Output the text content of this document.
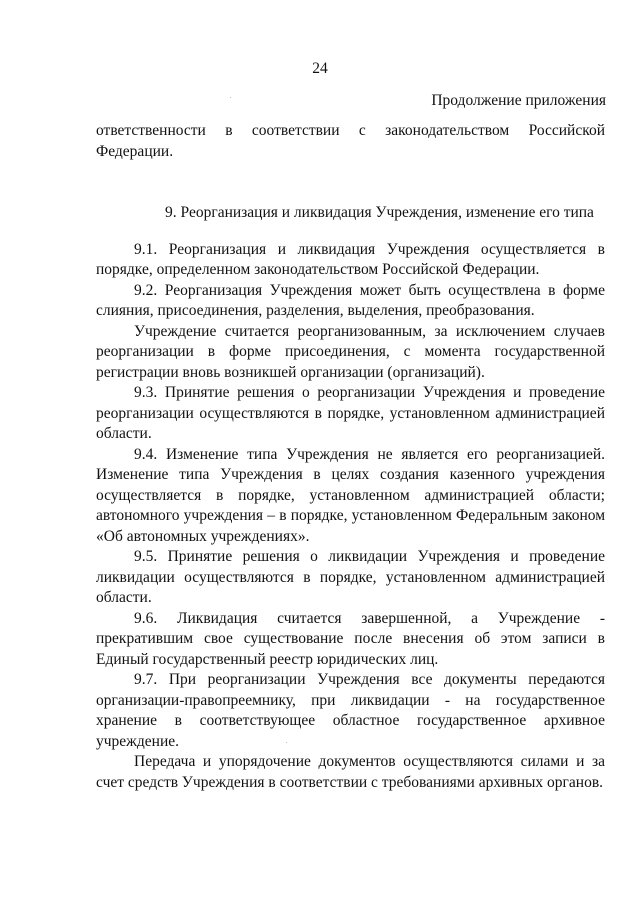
24
Продолжение приложения

ответственности в соответствии с законодательством Российской Федерации.

9. Реорганизация и ликвидация Учреждения, изменение его типа

9.1. Реорганизация и ликвидация Учреждения осуществляется в порядке, определенном законодательством Российской Федерации.

9.2. Реорганизация Учреждения может быть осуществлена в форме слияния, присоединения, разделения, выделения, преобразования.

Учреждение считается реорганизованным, за исключением случаев реорганизации в форме присоединения, с момента государственной регистрации вновь возникшей организации (организаций).

9.3. Принятие решения о реорганизации Учреждения и проведение реорганизации осуществляются в порядке, установленном администрацией области.

9.4. Изменение типа Учреждения не является его реорганизацией. Изменение типа Учреждения в целях создания казенного учреждения осуществляется в порядке, установленном администрацией области; автономного учреждения – в порядке, установленном Федеральным законом «Об автономных учреждениях».

9.5. Принятие решения о ликвидации Учреждения и проведение ликвидации осуществляются в порядке, установленном администрацией области.

9.6. Ликвидация считается завершенной, а Учреждение - прекратившим свое существование после внесения об этом записи в Единый государственный реестр юридических лиц.

9.7. При реорганизации Учреждения все документы передаются организации-правопреемнику, при ликвидации - на государственное хранение в соответствующее областное государственное архивное учреждение.

Передача и упорядочение документов осуществляются силами и за счет средств Учреждения в соответствии с требованиями архивных органов.
